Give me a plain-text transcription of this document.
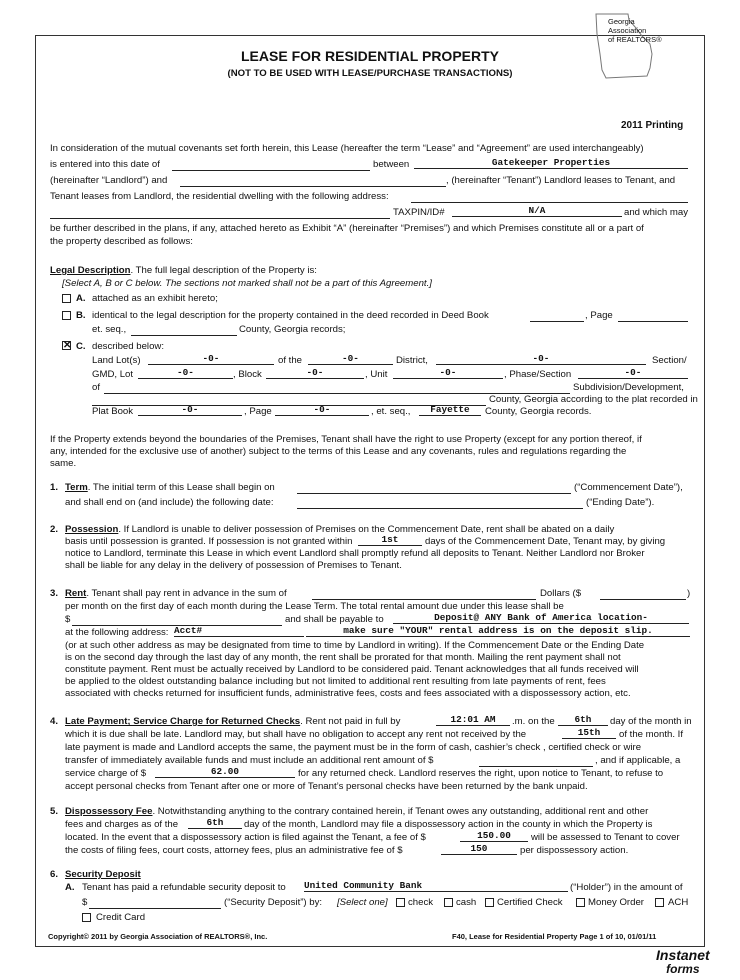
LEASE FOR RESIDENTIAL PROPERTY
(NOT TO BE USED WITH LEASE/PURCHASE TRANSACTIONS)
Georgia
Association
of REALTORS®
2011 Printing
In consideration of the mutual covenants set forth herein, this Lease (hereafter the term “Lease” and “Agreement” are used interchangeably)
is entered into this date of	between	Gatekeeper Properties
(hereinafter “Landlord”) and	, (hereinafter “Tenant”) Landlord leases to Tenant, and
Tenant leases from Landlord, the residential dwelling with the following address:
TAXPIN/ID#	N/A	and which may
be further described in the plans, if any, attached hereto as Exhibit “A” (hereinafter “Premises”) and which Premises constitute all or a part of
the property described as follows:
Legal Description. The full legal description of the Property is:
[Select A, B or C below. The sections not marked shall not be a part of this Agreement.]
A. attached as an exhibit hereto;
B. identical to the legal description for the property contained in the deed recorded in Deed Book	, Page
et. seq.,	County, Georgia records;
✕ C. described below:
Land Lot(s)	-0-	of the	-0-	District,	-0-	Section/
GMD, Lot	-0-	, Block	-0-	, Unit	-0-	, Phase/Section	-0-
of	Subdivision/Development,
County, Georgia according to the plat recorded in
Plat Book	-0-	, Page	-0-	, et. seq.,	Fayette	County, Georgia records.
If the Property extends beyond the boundaries of the Premises, Tenant shall have the right to use Property (except for any portion thereof, if
any, intended for the exclusive use of another) subject to the terms of this Lease and any covenants, rules and regulations regarding the
same.
1. Term. The initial term of this Lease shall begin on	(“Commencement Date”),
and shall end on (and include) the following date:	(“Ending Date”).
2. Possession. If Landlord is unable to deliver possession of Premises on the Commencement Date, rent shall be abated on a daily
basis until possession is granted. If possession is not granted within	1st	days of the Commencement Date, Tenant may, by giving
notice to Landlord, terminate this Lease in which event Landlord shall promptly refund all deposits to Tenant. Neither Landlord nor Broker
shall be liable for any delay in the delivery of possession of Premises to Tenant.
3. Rent. Tenant shall pay rent in advance in the sum of	Dollars ($	)
per month on the first day of each month during the Lease Term. The total rental amount due under this lease shall be
$	and shall be payable to	Deposit@ ANY Bank of America location-
at the following address: Acct#	make sure "YOUR" rental address is on the deposit slip.
(or at such other address as may be designated from time to time by Landlord in writing). If the Commencement Date or the Ending Date
is on the second day through the last day of any month, the rent shall be prorated for that month. Mailing the rent payment shall not
constitute payment. Rent must be actually received by Landlord to be considered paid. Tenant acknowledges that all funds received will
be applied to the oldest outstanding balance including but not limited to additional rent resulting from late payments of rent, fees
associated with checks returned for insufficient funds, administrative fees, costs and fees associated with a dispossessory action, etc.
4. Late Payment; Service Charge for Returned Checks. Rent not paid in full by	12:01 AM	.m. on the	6th	day of the month in
which it is due shall be late. Landlord may, but shall have no obligation to accept any rent not received by the	15th	of the month. If
late payment is made and Landlord accepts the same, the payment must be in the form of cash, cashier’s check , certified check or wire
transfer of immediately available funds and must include an additional rent amount of $	, and if applicable, a
service charge of $	62.00	for any returned check. Landlord reserves the right, upon notice to Tenant, to refuse to
accept personal checks from Tenant after one or more of Tenant’s personal checks have been returned by the bank unpaid.
5. Dispossessory Fee. Notwithstanding anything to the contrary contained herein, if Tenant owes any outstanding, additional rent and other
fees and charges as of the	6th	day of the month, Landlord may file a dispossessory action in the county in which the Property is
located. In the event that a dispossessory action is filed against the Tenant, a fee of $	150.00	will be assessed to Tenant to cover
the costs of filing fees, court costs, attorney fees, plus an administrative fee of $	150	per dispossessory action.
6. Security Deposit
A. Tenant has paid a refundable security deposit to United Community Bank	(“Holder”) in the amount of
$	(“Security Deposit”) by: [Select one] check cash Certified Check	Money Order	ACH
Credit Card
Copyright© 2011 by Georgia Association of REALTORS®, Inc.	F40, Lease for Residential Property Page 1 of 10, 01/01/11
Instanet
forms
